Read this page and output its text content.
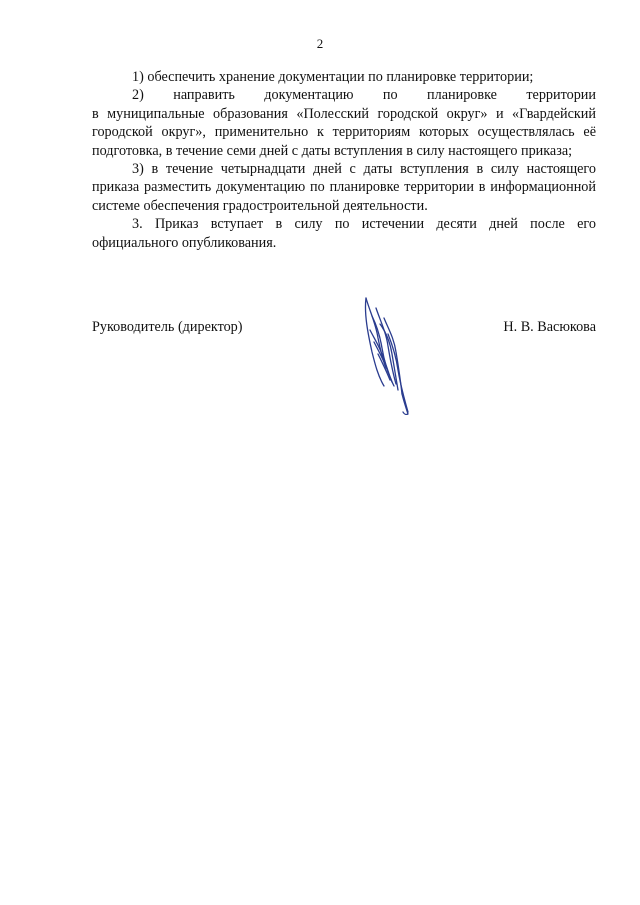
2

1) обеспечить хранение документации по планировке территории;

2) направить документацию по планировке территории

в муниципальные образования «Полесский городской округ» и «Гвардейский городской округ», применительно к территориям которых осуществлялась её подготовка, в течение семи дней с даты вступления в силу настоящего приказа;

3) в течение четырнадцати дней с даты вступления в силу настоящего приказа разместить документацию по планировке территории в информационной системе обеспечения градостроительной деятельности.

3. Приказ вступает в силу по истечении десяти дней после его официального опубликования.

Руководитель (директор)	Н. В. Васюкова
